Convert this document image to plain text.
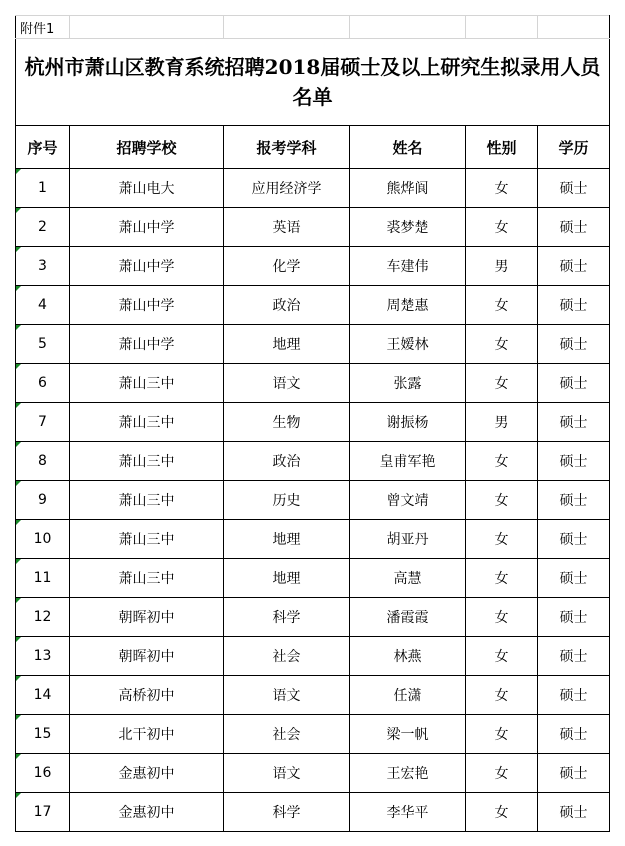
附件1					
杭州市萧山区教育系统招聘2018届硕士及以上研究生拟录用人员名单					
序号	招聘学校	报考学科	姓名	性别	学历
1	萧山电大	应用经济学	熊烨阆	女	硕士
2	萧山中学	英语	裘梦楚	女	硕士
3	萧山中学	化学	车建伟	男	硕士
4	萧山中学	政治	周楚惠	女	硕士
5	萧山中学	地理	王嫒林	女	硕士
6	萧山三中	语文	张露	女	硕士
7	萧山三中	生物	谢振杨	男	硕士
8	萧山三中	政治	皇甫军艳	女	硕士
9	萧山三中	历史	曾文靖	女	硕士
10	萧山三中	地理	胡亚丹	女	硕士
11	萧山三中	地理	高慧	女	硕士
12	朝晖初中	科学	潘霞霞	女	硕士
13	朝晖初中	社会	林燕	女	硕士
14	高桥初中	语文	任潇	女	硕士
15	北干初中	社会	梁一帆	女	硕士
16	金惠初中	语文	王宏艳	女	硕士
17	金惠初中	科学	李华平	女	硕士
